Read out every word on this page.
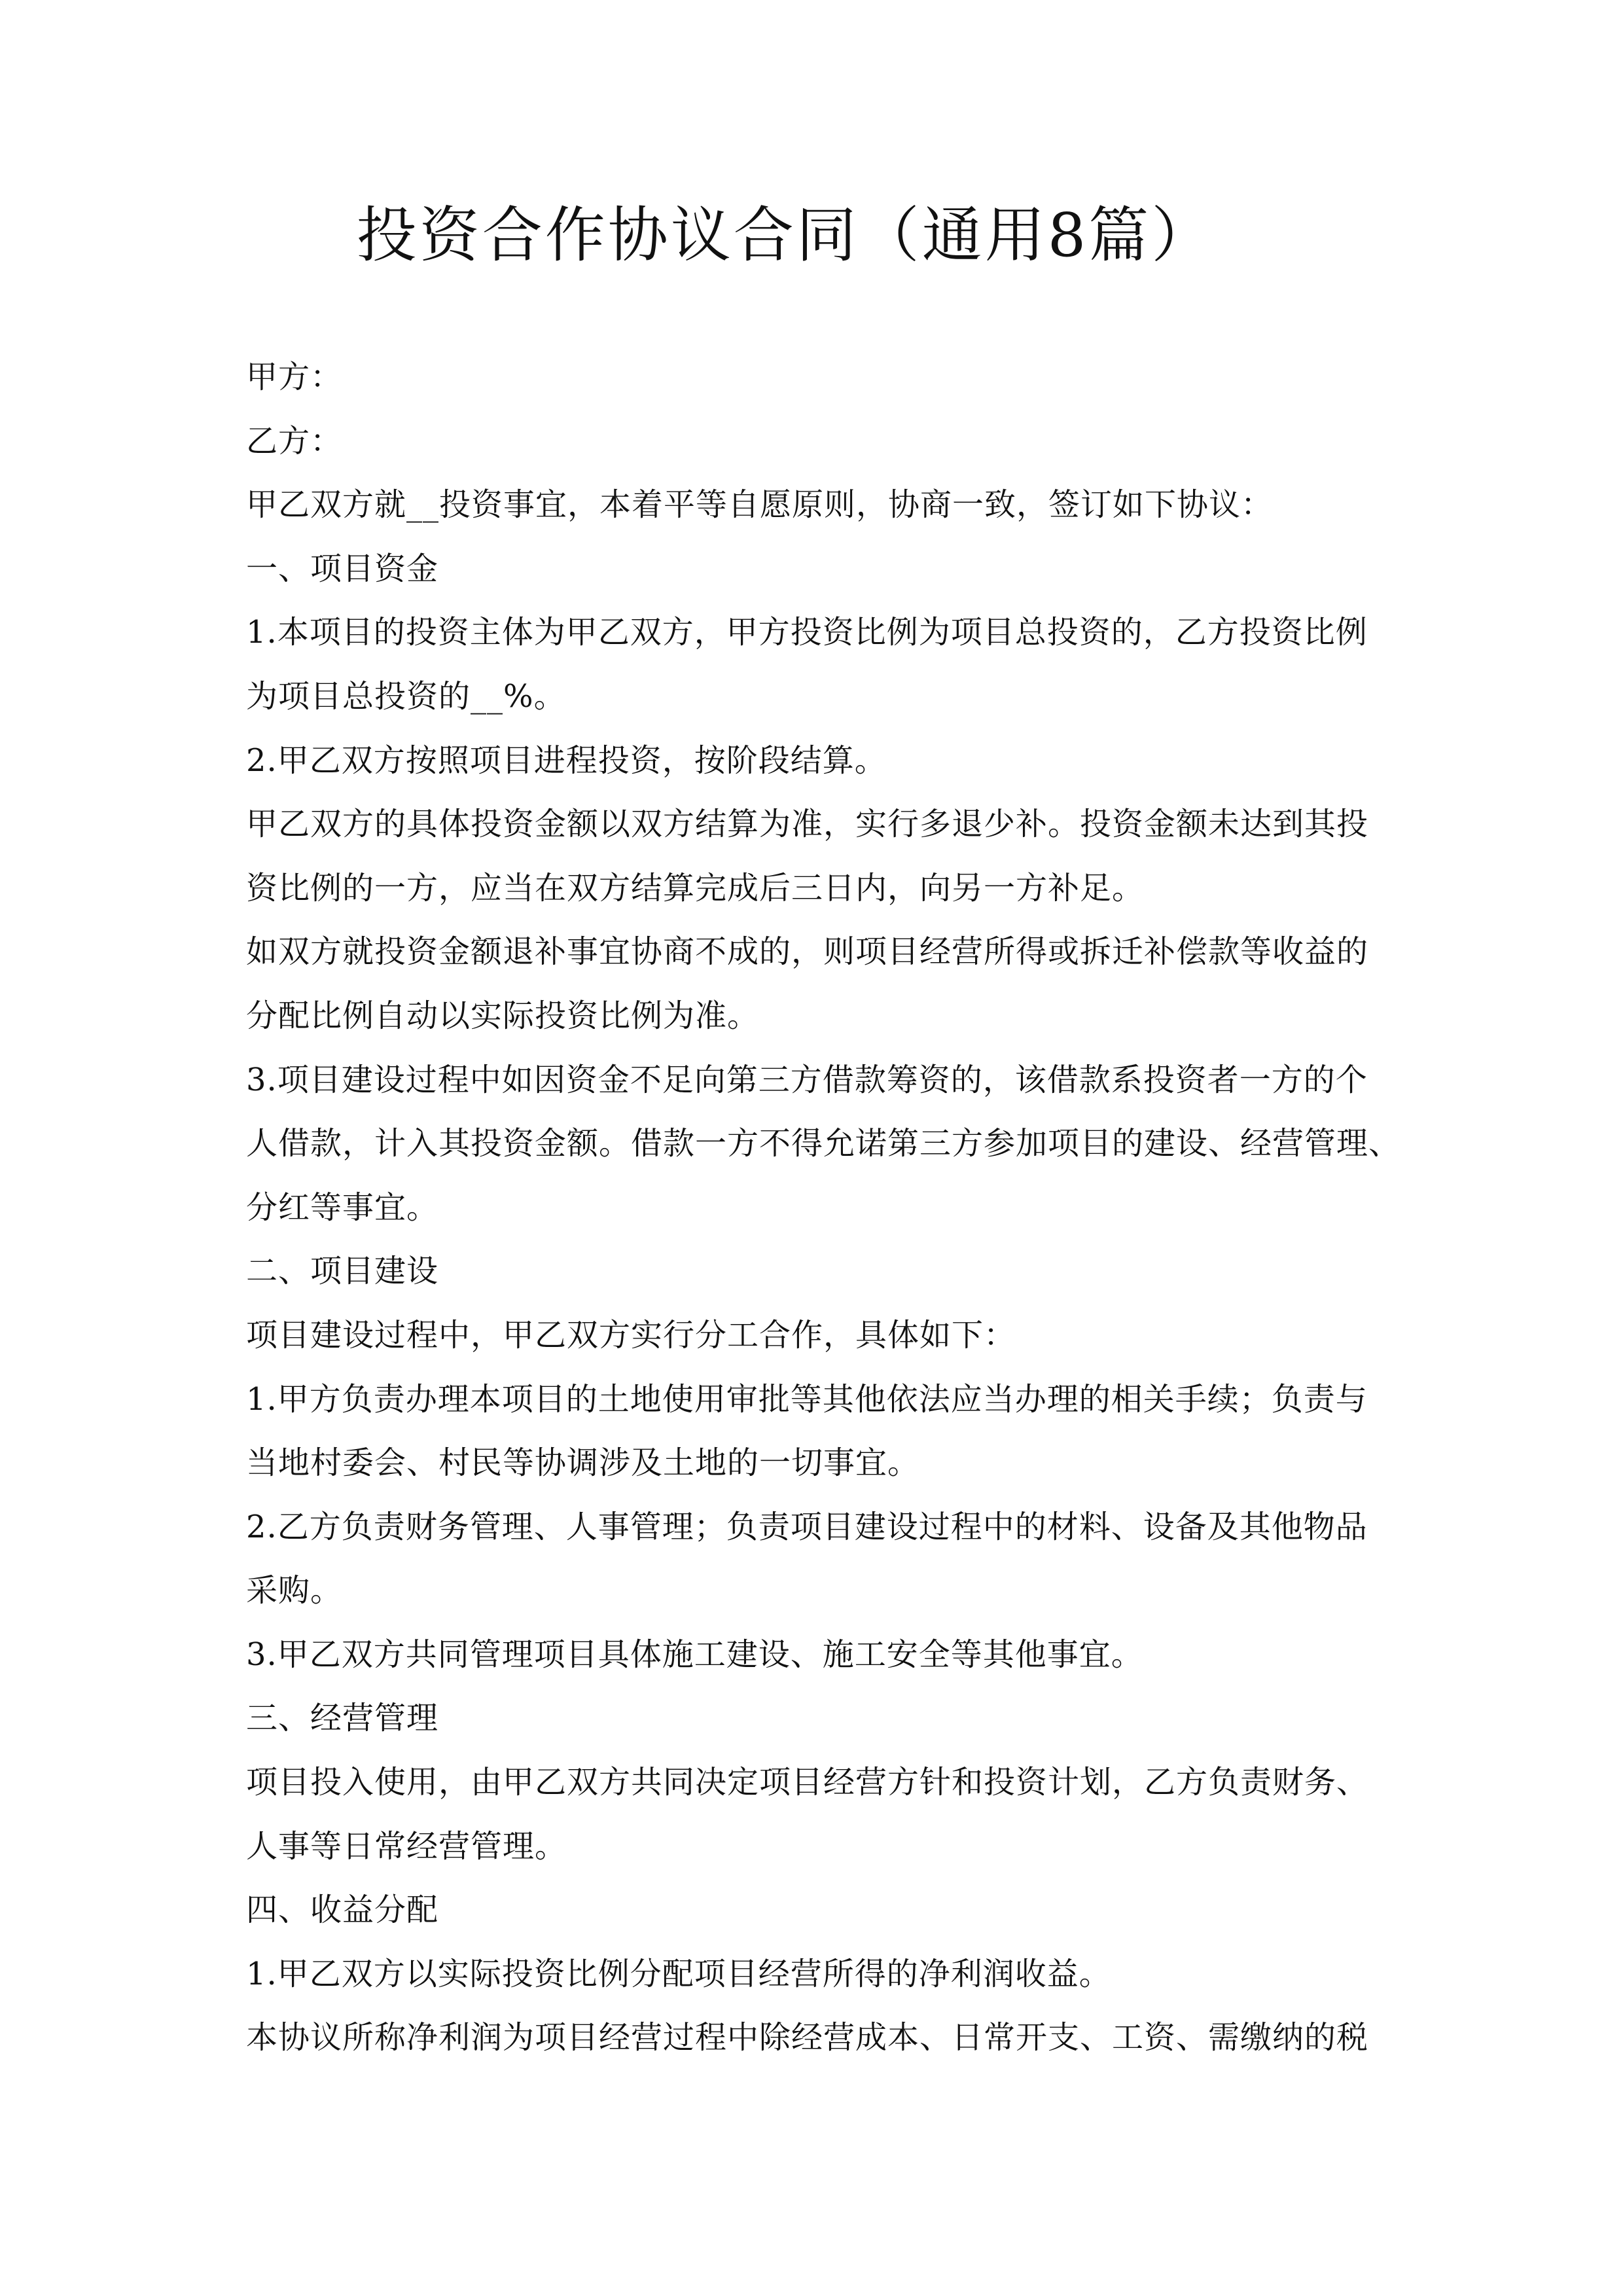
投资合作协议合同（通用8篇）
甲方：
乙方：
甲乙双方就__投资事宜，本着平等自愿原则，协商一致，签订如下协议：
一、项目资金
1.本项目的投资主体为甲乙双方，甲方投资比例为项目总投资的，乙方投资比例
为项目总投资的__%。
2.甲乙双方按照项目进程投资，按阶段结算。
甲乙双方的具体投资金额以双方结算为准，实行多退少补。投资金额未达到其投
资比例的一方，应当在双方结算完成后三日内，向另一方补足。
如双方就投资金额退补事宜协商不成的，则项目经营所得或拆迁补偿款等收益的
分配比例自动以实际投资比例为准。
3.项目建设过程中如因资金不足向第三方借款筹资的，该借款系投资者一方的个
人借款，计入其投资金额。借款一方不得允诺第三方参加项目的建设、经营管理、
分红等事宜。
二、项目建设
项目建设过程中，甲乙双方实行分工合作，具体如下：
1.甲方负责办理本项目的土地使用审批等其他依法应当办理的相关手续；负责与
当地村委会、村民等协调涉及土地的一切事宜。
2.乙方负责财务管理、人事管理；负责项目建设过程中的材料、设备及其他物品
采购。
3.甲乙双方共同管理项目具体施工建设、施工安全等其他事宜。
三、经营管理
项目投入使用，由甲乙双方共同决定项目经营方针和投资计划，乙方负责财务、
人事等日常经营管理。
四、收益分配
1.甲乙双方以实际投资比例分配项目经营所得的净利润收益。
本协议所称净利润为项目经营过程中除经营成本、日常开支、工资、需缴纳的税
